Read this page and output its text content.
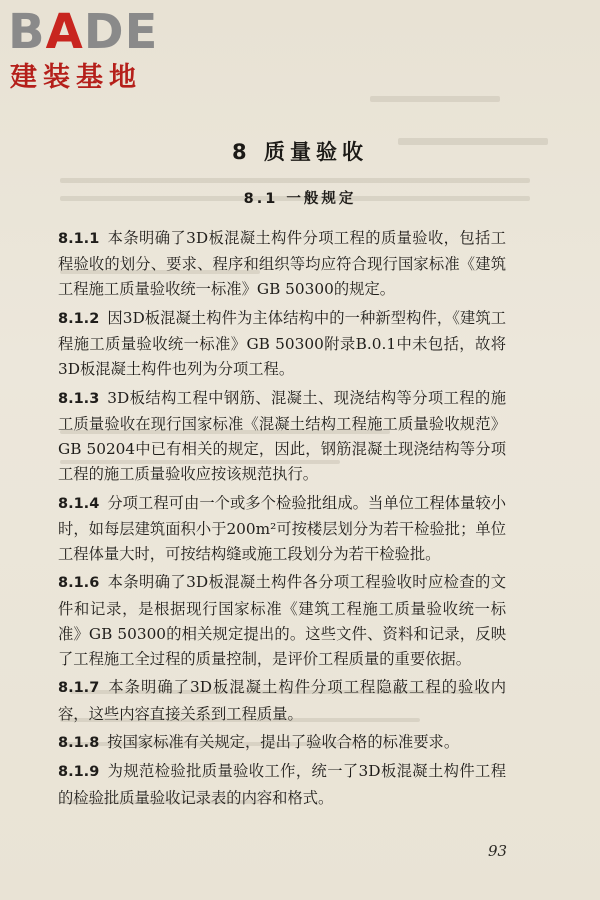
BADE
建装基地
8 质量验收
8.1 一般规定

8.1.1 本条明确了3D板混凝土构件分项工程的质量验收，包括工程验收的划分、要求、程序和组织等均应符合现行国家标准《建筑工程施工质量验收统一标准》GB 50300的规定。

8.1.2 因3D板混凝土构件为主体结构中的一种新型构件，《建筑工程施工质量验收统一标准》GB 50300附录B.0.1中未包括，故将3D板混凝土构件也列为分项工程。

8.1.3 3D板结构工程中钢筋、混凝土、现浇结构等分项工程的施工质量验收在现行国家标准《混凝土结构工程施工质量验收规范》GB 50204中已有相关的规定，因此，钢筋混凝土现浇结构等分项工程的施工质量验收应按该规范执行。

8.1.4 分项工程可由一个或多个检验批组成。当单位工程体量较小时，如每层建筑面积小于200m²可按楼层划分为若干检验批；单位工程体量大时，可按结构缝或施工段划分为若干检验批。

8.1.6 本条明确了3D板混凝土构件各分项工程验收时应检查的文件和记录，是根据现行国家标准《建筑工程施工质量验收统一标准》GB 50300的相关规定提出的。这些文件、资料和记录，反映了工程施工全过程的质量控制，是评价工程质量的重要依据。

8.1.7 本条明确了3D板混凝土构件分项工程隐蔽工程的验收内容，这些内容直接关系到工程质量。

8.1.8 按国家标准有关规定，提出了验收合格的标准要求。

8.1.9 为规范检验批质量验收工作，统一了3D板混凝土构件工程的检验批质量验收记录表的内容和格式。

93
